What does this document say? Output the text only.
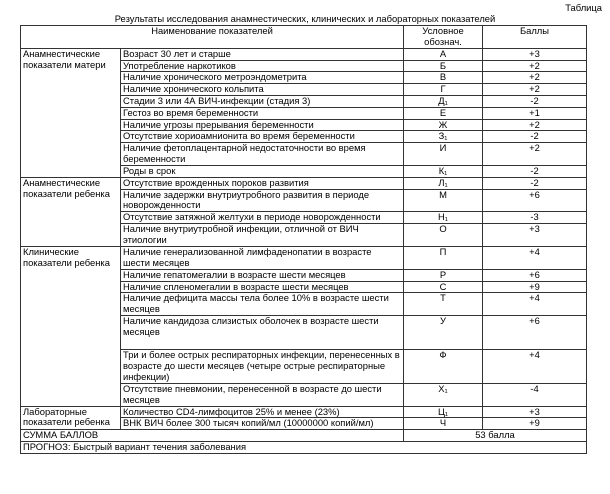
Таблица
Результаты исследования анамнестических, клинических и лабораторных показателей
Наименование показателей		Условное обознач.	Баллы
Анамнестические показатели матери	Возраст 30 лет и старше	А	+3
	Употребление наркотиков	Б	+2
	Наличие хронического метроэндометрита	В	+2
	Наличие хронического кольпита	Г	+2
	Стадии 3 или 4А ВИЧ-инфекции (стадия 3)	Д₁	-2
	Гестоз во время беременности	Е	+1
	Наличие угрозы прерывания беременности	Ж	+2
	Отсутствие хориоамнионита во время беременности	З₁	-2
	Наличие фетоплацентарной недостаточности во время беременности	И	+2
	Роды в срок	К₁	-2
Анамнестические показатели ребенка	Отсутствие врожденных пороков развития	Л₁	-2
	Наличие задержки внутриутробного развития в периоде новорожденности	М	+6
	Отсутствие затяжной желтухи в периоде новорожденности	Н₁	-3
	Наличие внутриутробной инфекции, отличной от ВИЧ этиологии	О	+3
Клинические показатели ребенка	Наличие генерализованной лимфаденопатии в возрасте шести месяцев	П	+4
	Наличие гепатомегалии в возрасте шести месяцев	Р	+6
	Наличие спленомегалии в возрасте шести месяцев	С	+9
	Наличие дефицита массы тела более 10% в возрасте шести месяцев	Т	+4
	Наличие кандидоза слизистых оболочек в возрасте шести месяцев	У	+6
	Три и более острых респираторных инфекции, перенесенных в возрасте до шести месяцев (четыре острые респираторные инфекции)	Ф	+4
	Отсутствие пневмонии, перенесенной в возрасте до шести месяцев	Х₁	-4
Лабораторные показатели ребенка	Количество CD4-лимфоцитов 25% и менее (23%)	Ц₁	+3
	ВНК ВИЧ более 300 тысяч копий/мл (10000000 копий/мл)	Ч	+9
СУММА БАЛЛОВ		53 балла	
ПРОГНОЗ: Быстрый вариант течения заболевания			
